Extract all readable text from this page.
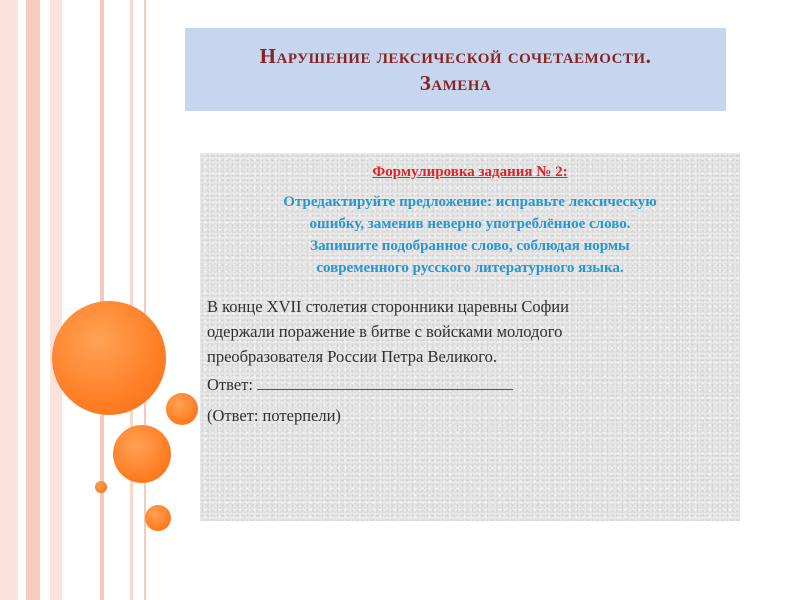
Нарушение лексической сочетаемости.
Замена
Формулировка задания № 2:
Отредактируйте предложение: исправьте лексическую
ошибку, заменив неверно употреблённое слово.
Запишите подобранное слово, соблюдая нормы
современного русского литературного языка.
В конце XVII столетия сторонники царевны Софии
одержали поражение в битве с войсками молодого
преобразователя России Петра Великого.
Ответ:
(Ответ: потерпели)
